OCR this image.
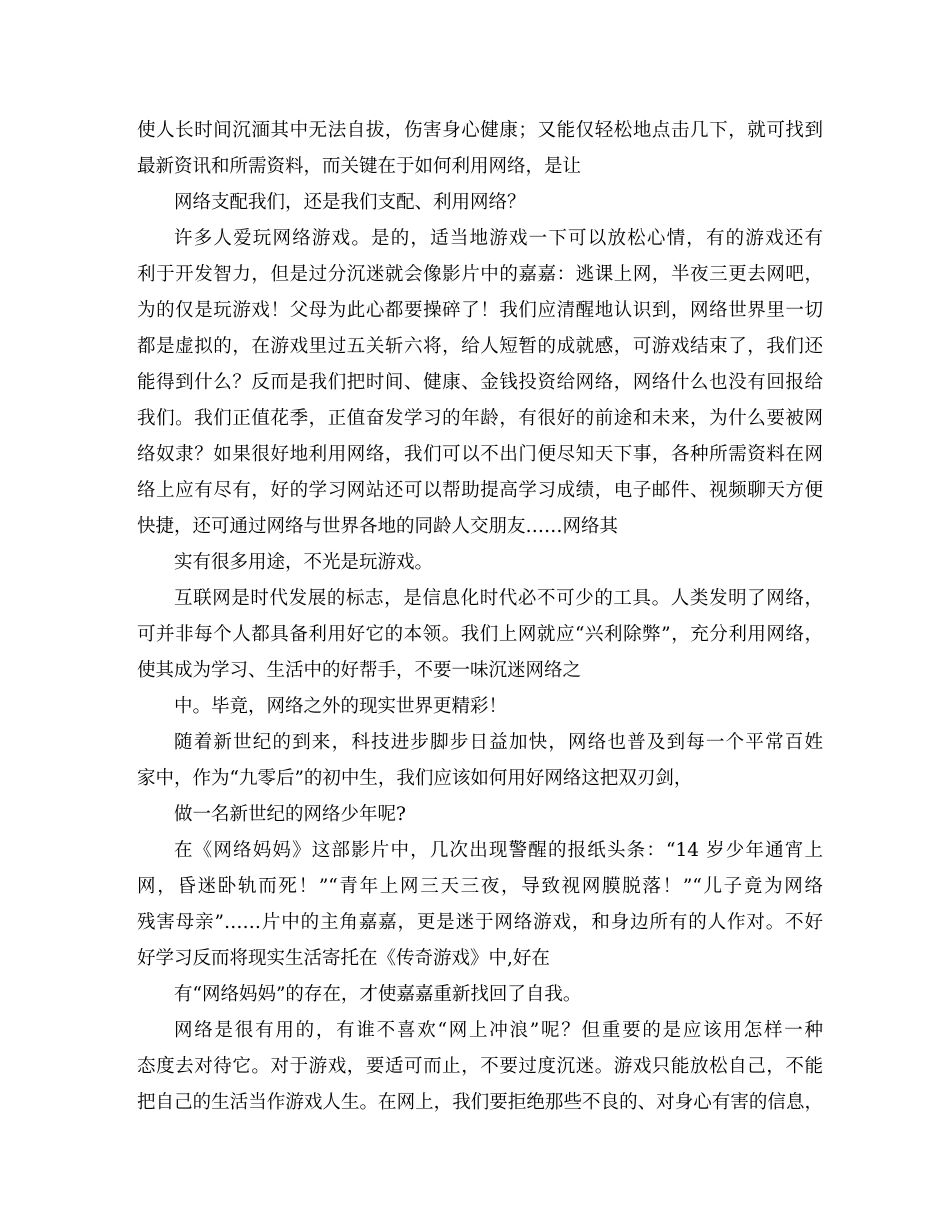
使人长时间沉湎其中无法自拔，伤害身心健康；又能仅轻松地点击几下，就可找到
最新资讯和所需资料，而关键在于如何利用网络，是让
网络支配我们，还是我们支配、利用网络？
许多人爱玩网络游戏。是的，适当地游戏一下可以放松心情，有的游戏还有
利于开发智力，但是过分沉迷就会像影片中的嘉嘉：逃课上网，半夜三更去网吧，
为的仅是玩游戏！父母为此心都要操碎了！我们应清醒地认识到，网络世界里一切
都是虚拟的，在游戏里过五关斩六将，给人短暂的成就感，可游戏结束了，我们还
能得到什么？反而是我们把时间、健康、金钱投资给网络，网络什么也没有回报给
我们。我们正值花季，正值奋发学习的年龄，有很好的前途和未来，为什么要被网
络奴隶？如果很好地利用网络，我们可以不出门便尽知天下事，各种所需资料在网
络上应有尽有，好的学习网站还可以帮助提高学习成绩，电子邮件、视频聊天方便
快捷，还可通过网络与世界各地的同龄人交朋友……网络其
实有很多用途，不光是玩游戏。
互联网是时代发展的标志，是信息化时代必不可少的工具。人类发明了网络，
可并非每个人都具备利用好它的本领。我们上网就应“兴利除弊”，充分利用网络，
使其成为学习、生活中的好帮手，不要一味沉迷网络之
中。毕竟，网络之外的现实世界更精彩！
随着新世纪的到来，科技进步脚步日益加快，网络也普及到每一个平常百姓
家中，作为“九零后”的初中生，我们应该如何用好网络这把双刃剑，
做一名新世纪的网络少年呢?
在《网络妈妈》这部影片中，几次出现警醒的报纸头条：“14 岁少年通宵上
网，昏迷卧轨而死！”“青年上网三天三夜，导致视网膜脱落！”“儿子竟为网络
残害母亲”……片中的主角嘉嘉，更是迷于网络游戏，和身边所有的人作对。不好
好学习反而将现实生活寄托在《传奇游戏》中,好在
有“网络妈妈”的存在，才使嘉嘉重新找回了自我。
网络是很有用的，有谁不喜欢“网上冲浪”呢？但重要的是应该用怎样一种
态度去对待它。对于游戏，要适可而止，不要过度沉迷。游戏只能放松自己，不能
把自己的生活当作游戏人生。在网上，我们要拒绝那些不良的、对身心有害的信息，
